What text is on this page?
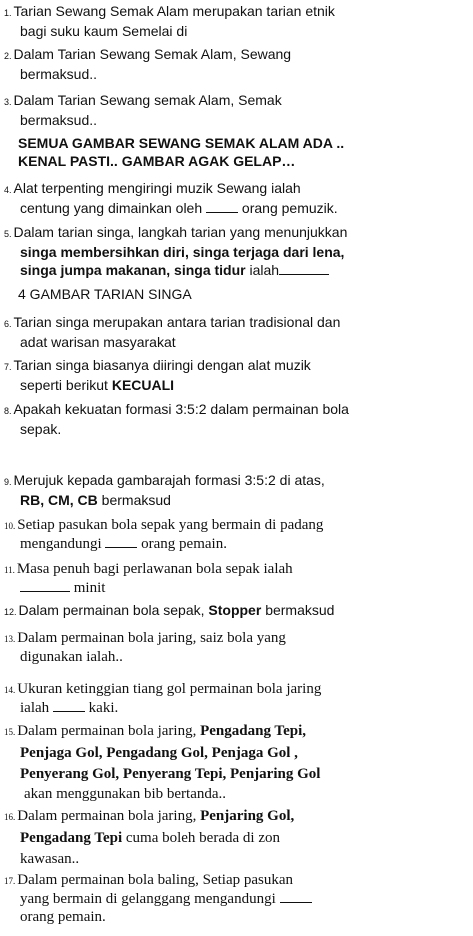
1. Tarian Sewang Semak Alam merupakan tarian etnik
bagi suku kaum Semelai di
2. Dalam Tarian Sewang Semak Alam, Sewang
bermaksud..
3. Dalam Tarian Sewang semak Alam, Semak
bermaksud..
SEMUA GAMBAR SEWANG SEMAK ALAM ADA ..
KENAL PASTI.. GAMBAR AGAK GELAP…
4. Alat terpenting mengiringi muzik Sewang ialah
centung yang dimainkan oleh	orang pemuzik.
5. Dalam tarian singa, langkah tarian yang menunjukkan
singa membersihkan diri, singa terjaga dari lena,
singa jumpa makanan, singa tidur ialah
4 GAMBAR TARIAN SINGA
6. Tarian singa merupakan antara tarian tradisional dan
adat warisan masyarakat
7. Tarian singa biasanya diiringi dengan alat muzik
seperti berikut KECUALI
8. Apakah kekuatan formasi 3:5:2 dalam permainan bola
sepak.
9. Merujuk kepada gambarajah formasi 3:5:2 di atas,
RB, CM, CB bermaksud
10. Setiap pasukan bola sepak yang bermain di padang
mengandungi	orang pemain.
11. Masa penuh bagi perlawanan bola sepak ialah
minit
12. Dalam permainan bola sepak, Stopper bermaksud
13. Dalam permainan bola jaring, saiz bola yang
digunakan ialah..
14. Ukuran ketinggian tiang gol permainan bola jaring
ialah	kaki.
15. Dalam permainan bola jaring, Pengadang Tepi,
Penjaga Gol, Pengadang Gol, Penjaga Gol ,
Penyerang Gol, Penyerang Tepi, Penjaring Gol
akan menggunakan bib bertanda..
16. Dalam permainan bola jaring, Penjaring Gol,
Pengadang Tepi cuma boleh berada di zon
kawasan..
17. Dalam permainan bola baling, Setiap pasukan
yang bermain di gelanggang mengandungi
orang pemain.
